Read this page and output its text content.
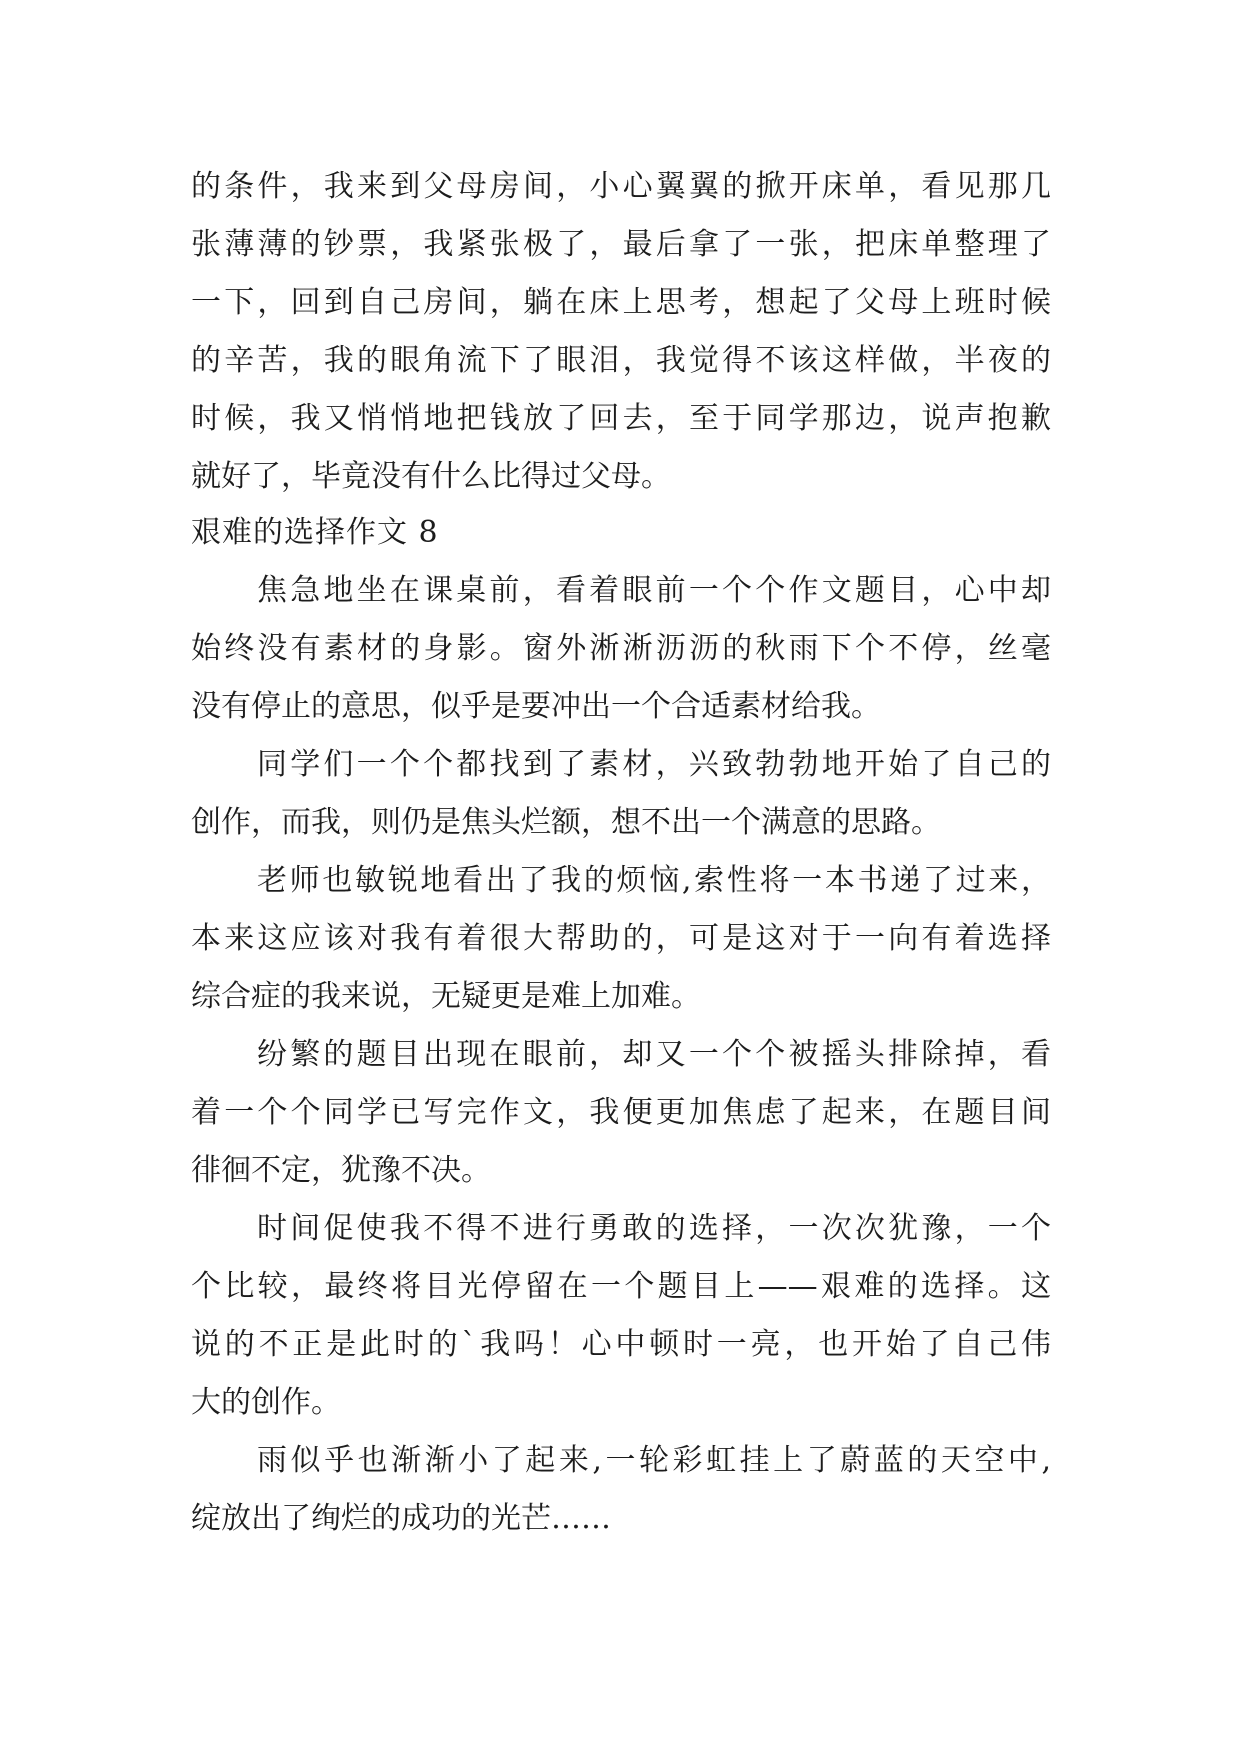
的条件，我来到父母房间，小心翼翼的掀开床单，看见那几
张薄薄的钞票，我紧张极了，最后拿了一张，把床单整理了
一下，回到自己房间，躺在床上思考，想起了父母上班时候
的辛苦，我的眼角流下了眼泪，我觉得不该这样做，半夜的
时候，我又悄悄地把钱放了回去，至于同学那边，说声抱歉
就好了，毕竟没有什么比得过父母。
艰难的选择作文 8
焦急地坐在课桌前，看着眼前一个个作文题目，心中却
始终没有素材的身影。窗外淅淅沥沥的秋雨下个不停，丝毫
没有停止的意思，似乎是要冲出一个合适素材给我。
同学们一个个都找到了素材，兴致勃勃地开始了自己的
创作，而我，则仍是焦头烂额，想不出一个满意的思路。
老师也敏锐地看出了我的烦恼,索性将一本书递了过来，
本来这应该对我有着很大帮助的，可是这对于一向有着选择
综合症的我来说，无疑更是难上加难。
纷繁的题目出现在眼前，却又一个个被摇头排除掉，看
着一个个同学已写完作文，我便更加焦虑了起来，在题目间
徘徊不定，犹豫不决。
时间促使我不得不进行勇敢的选择，一次次犹豫，一个
个比较，最终将目光停留在一个题目上——艰难的选择。这
说的不正是此时的`我吗！心中顿时一亮，也开始了自己伟
大的创作。
雨似乎也渐渐小了起来,一轮彩虹挂上了蔚蓝的天空中,
绽放出了绚烂的成功的光芒……
